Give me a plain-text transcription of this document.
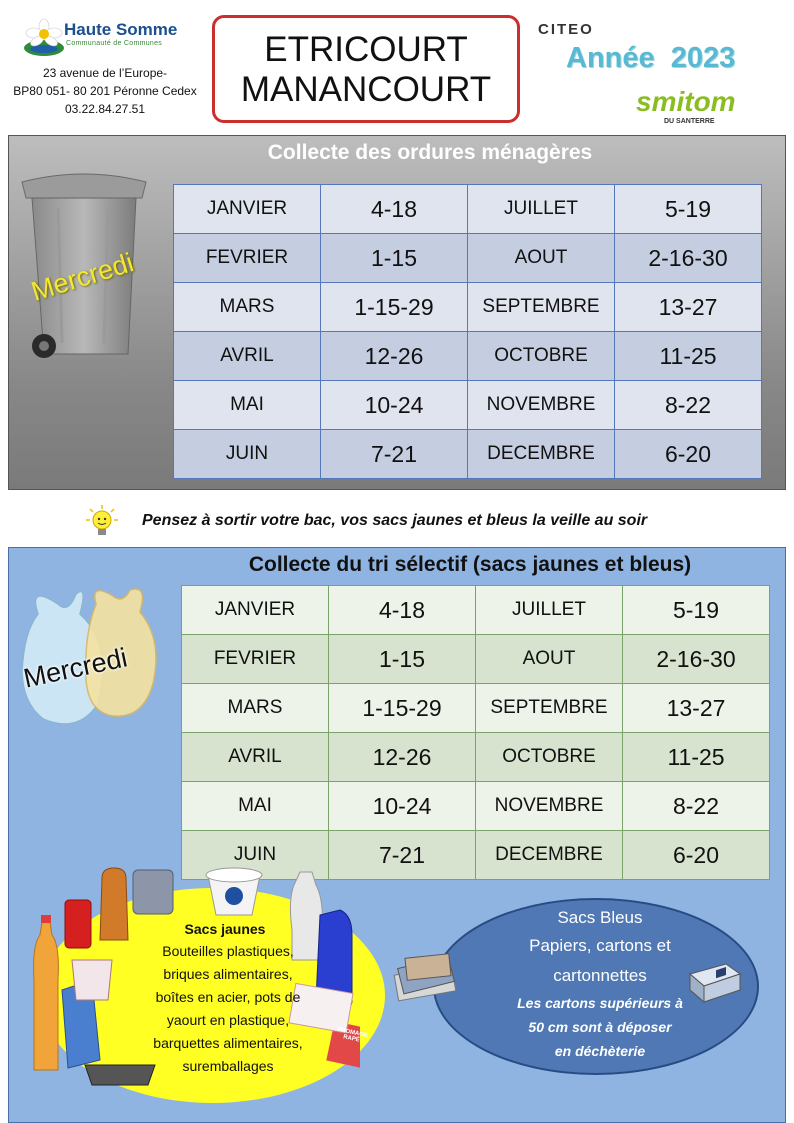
Haute Somme
Communauté de Communes
23 avenue de l’Europe-
BP80 051- 80 201 Péronne Cedex
03.22.84.27.51
ETRICOURT
MANANCOURT
CITEO
Année  2023
smitom
DU SANTERRE
Collecte des ordures ménagères
Mercredi
JANVIER	4-18	JUILLET	5-19
FEVRIER	1-15	AOUT	2-16-30
MARS	1-15-29	SEPTEMBRE	13-27
AVRIL	12-26	OCTOBRE	11-25
MAI	10-24	NOVEMBRE	8-22
JUIN	7-21	DECEMBRE	6-20
Pensez à sortir votre bac, vos sacs jaunes et bleus la veille au soir
Collecte du tri sélectif (sacs jaunes et bleus)
Mercredi
JANVIER	4-18	JUILLET	5-19
FEVRIER	1-15	AOUT	2-16-30
MARS	1-15-29	SEPTEMBRE	13-27
AVRIL	12-26	OCTOBRE	11-25
MAI	10-24	NOVEMBRE	8-22
JUIN	7-21	DECEMBRE	6-20
FROMAGE RAPÉ
Sacs jaunes
Bouteilles plastiques,
briques alimentaires,
boîtes en acier, pots de
yaourt en plastique,
barquettes alimentaires,
suremballages
Sacs Bleus
Papiers, cartons et
cartonnettes
Les cartons supérieurs à
50 cm sont à déposer
en déchèterie
